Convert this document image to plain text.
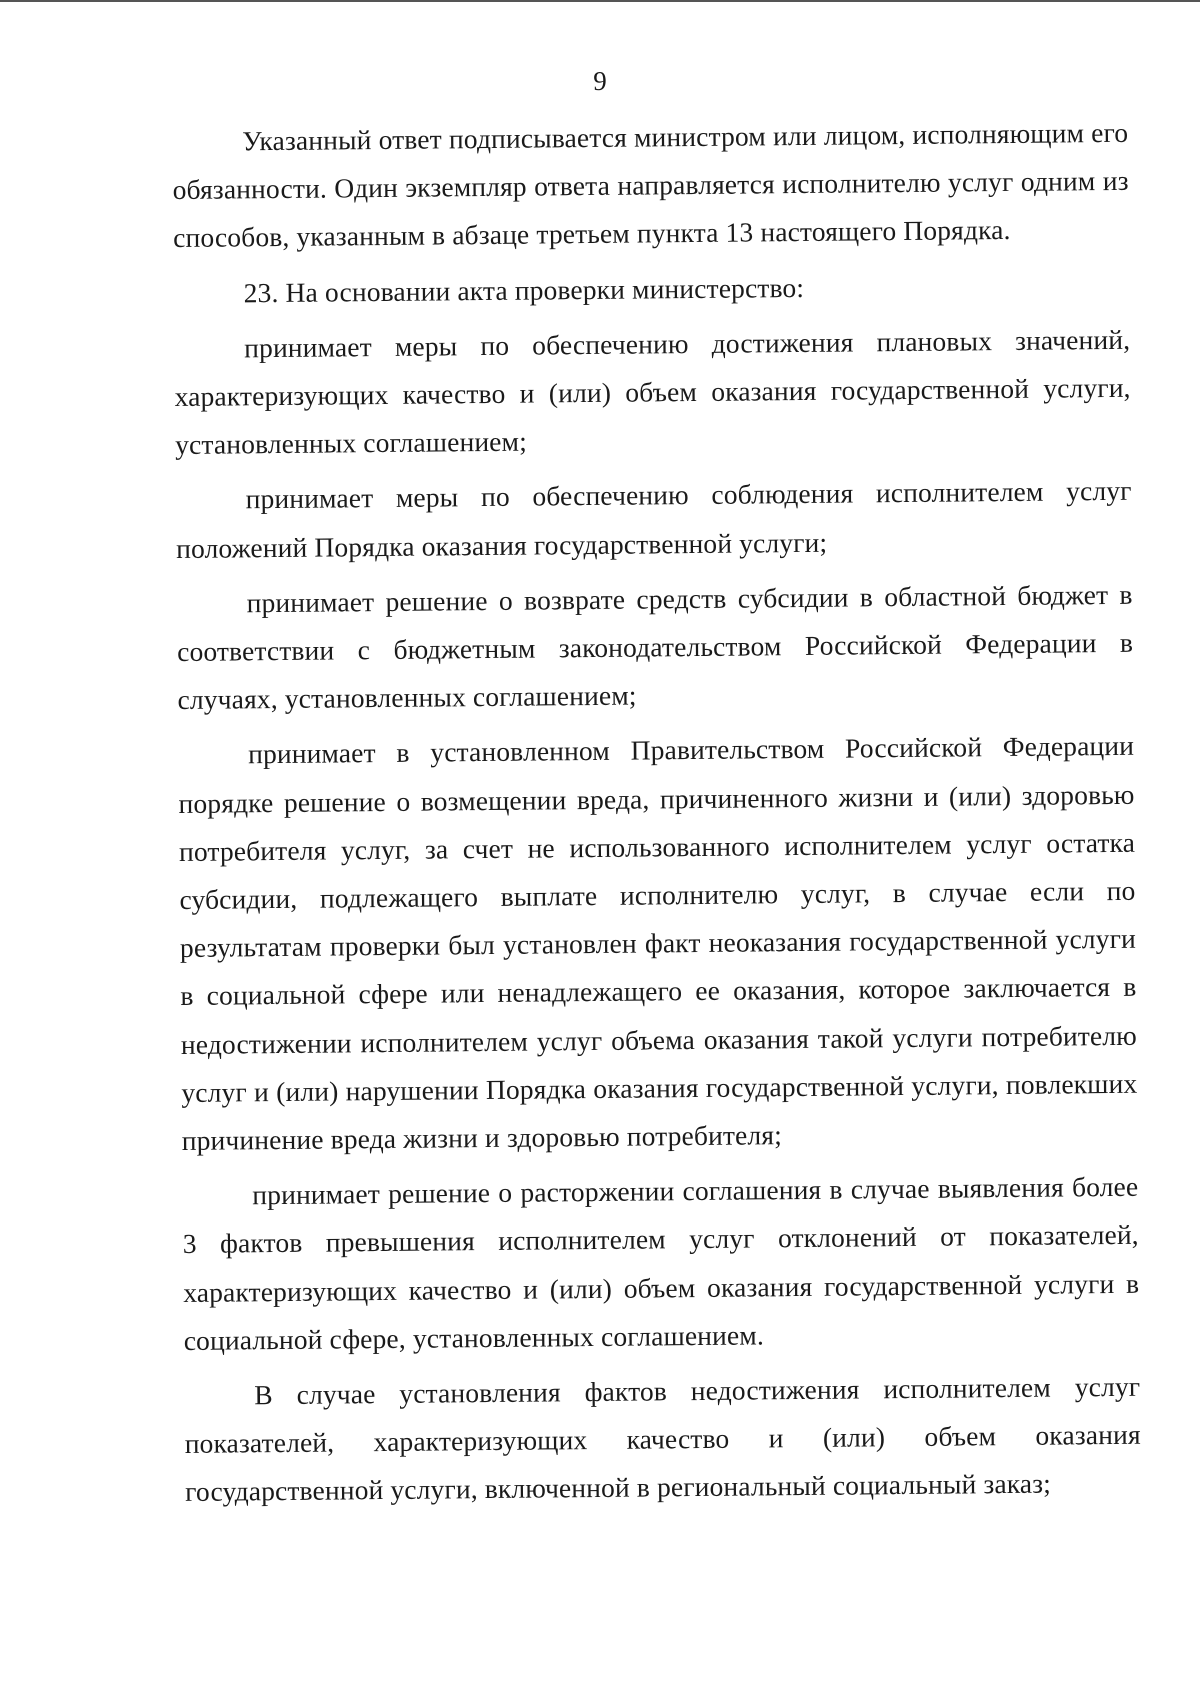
9

Указанный ответ подписывается министром или лицом, исполняющим его обязанности. Один экземпляр ответа направляется исполнителю услуг одним из способов, указанным в абзаце третьем пункта 13 настоящего Порядка.

23. На основании акта проверки министерство:

принимает меры по обеспечению достижения плановых значений, характеризующих качество и (или) объем оказания государственной услуги, установленных соглашением;

принимает меры по обеспечению соблюдения исполнителем услуг положений Порядка оказания государственной услуги;

принимает решение о возврате средств субсидии в областной бюджет в соответствии с бюджетным законодательством Российской Федерации в случаях, установленных соглашением;

принимает в установленном Правительством Российской Федерации порядке решение о возмещении вреда, причиненного жизни и (или) здоровью потребителя услуг, за счет не использованного исполнителем услуг остатка субсидии, подлежащего выплате исполнителю услуг, в случае если по результатам проверки был установлен факт неоказания государственной услуги в социальной сфере или ненадлежащего ее оказания, которое заключается в недостижении исполнителем услуг объема оказания такой услуги потребителю услуг и (или) нарушении Порядка оказания государственной услуги, повлекших причинение вреда жизни и здоровью потребителя;

принимает решение о расторжении соглашения в случае выявления более 3 фактов превышения исполнителем услуг отклонений от показателей, характеризующих качество и (или) объем оказания государственной услуги в социальной сфере, установленных соглашением.

В случае установления фактов недостижения исполнителем услуг показателей, характеризующих качество и (или) объем оказания государственной услуги, включенной в региональный социальный заказ;
